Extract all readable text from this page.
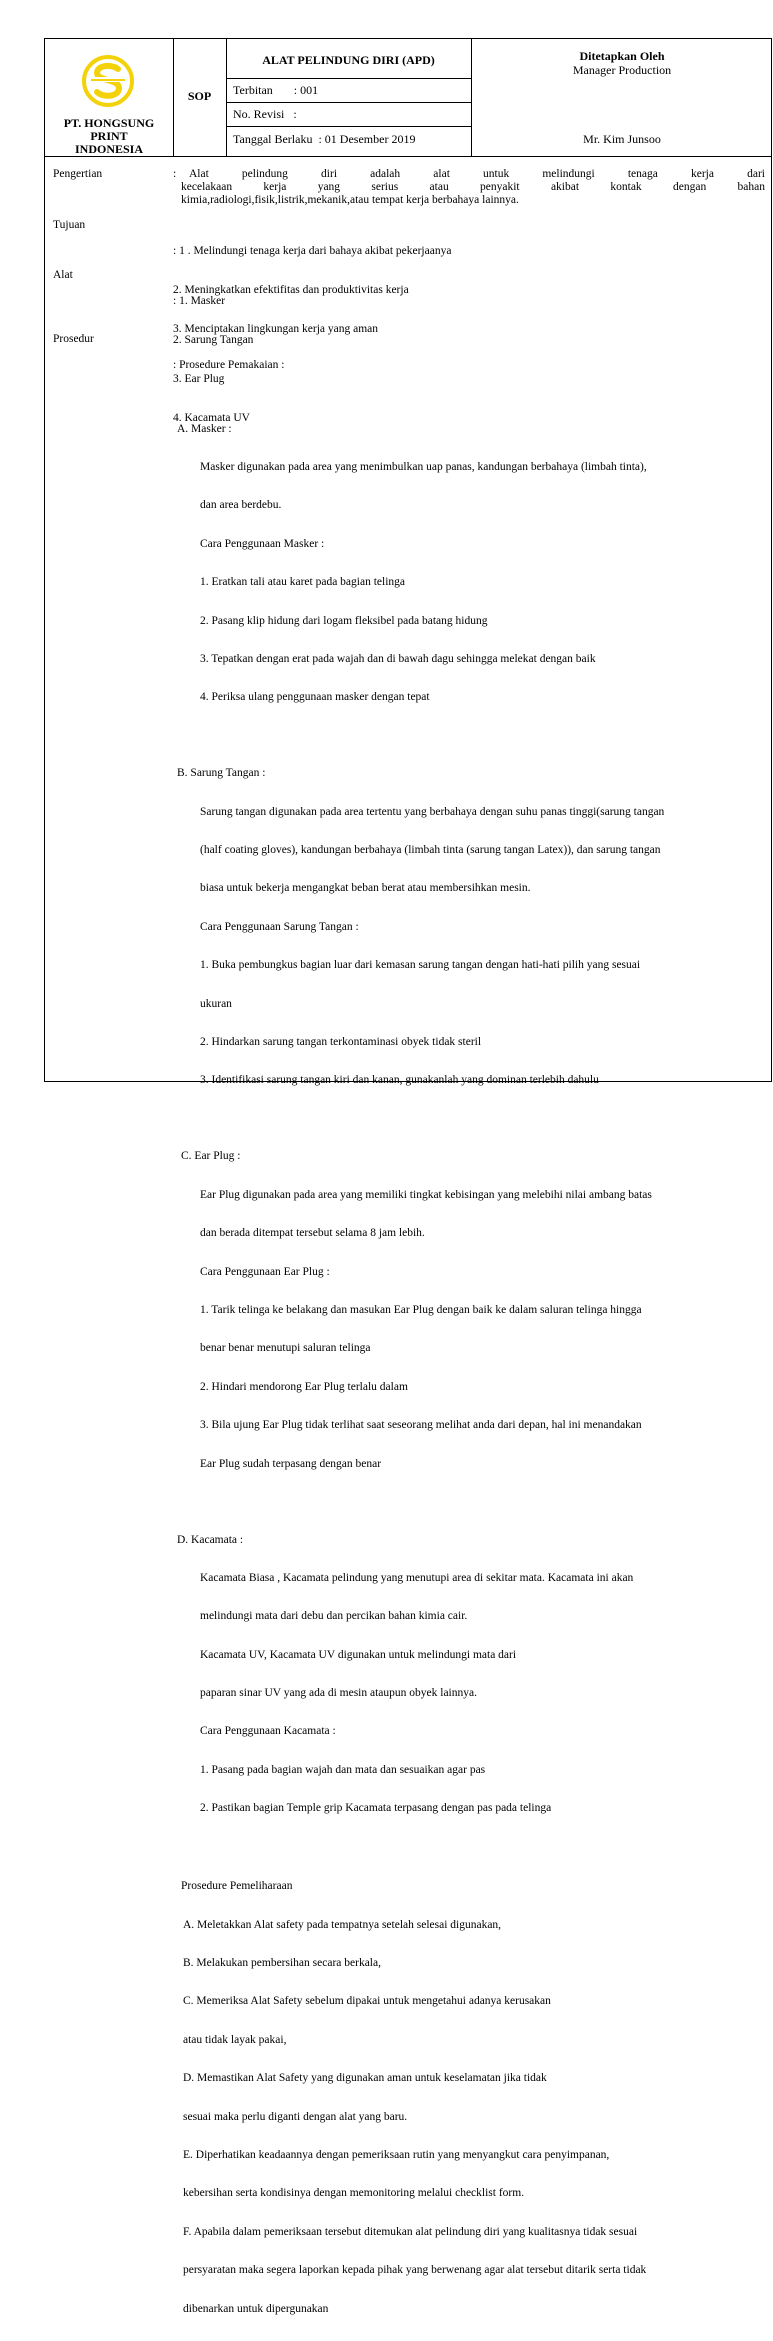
PT. HONGSUNG
PRINT
INDONESIA
SOP
ALAT PELINDUNG DIRI (APD)
Terbitan       : 001
No. Revisi   :
Tanggal Berlaku  : 01 Desember 2019
Ditetapkan Oleh
Manager Production
Mr. Kim Junsoo
Pengertian	: Alat pelindung diri adalah alat untuk melindungi tenaga kerja dari
kecelakaan kerja yang serius atau penyakit akibat kontak dengan bahan
kimia,radiologi,fisik,listrik,mekanik,atau tempat kerja berbahaya lainnya.
Tujuan

: 1 . Melindungi tenaga kerja dari bahaya akibat pekerjaanya

2. Meningkatkan efektifitas dan produktivitas kerja

3. Menciptakan lingkungan kerja yang aman

Alat

: 1. Masker

2. Sarung Tangan

3. Ear Plug

4. Kacamata UV

Prosedur

: Prosedure Pemakaian :

A. Masker :

Masker digunakan pada area yang menimbulkan uap panas, kandungan berbahaya (limbah tinta),

dan area berdebu.

Cara Penggunaan Masker :

1. Eratkan tali atau karet pada bagian telinga

2. Pasang klip hidung dari logam fleksibel pada batang hidung

3. Tepatkan dengan erat pada wajah dan di bawah dagu sehingga melekat dengan baik

4. Periksa ulang penggunaan masker dengan tepat

B. Sarung Tangan :

Sarung tangan digunakan pada area tertentu yang berbahaya dengan suhu panas tinggi(sarung tangan

(half coating gloves), kandungan berbahaya (limbah tinta (sarung tangan Latex)), dan sarung tangan

biasa untuk bekerja mengangkat beban berat atau membersihkan mesin.

Cara Penggunaan Sarung Tangan :

1. Buka pembungkus bagian luar dari kemasan sarung tangan dengan hati-hati pilih yang sesuai

ukuran

2. Hindarkan sarung tangan terkontaminasi obyek tidak steril

3. Identifikasi sarung tangan kiri dan kanan, gunakanlah yang dominan terlebih dahulu

C. Ear Plug :

Ear Plug digunakan pada area yang memiliki tingkat kebisingan yang melebihi nilai ambang batas

dan berada ditempat tersebut selama 8 jam lebih.

Cara Penggunaan Ear Plug :

1. Tarik telinga ke belakang dan masukan Ear Plug dengan baik ke dalam saluran telinga hingga

benar benar menutupi saluran telinga

2. Hindari mendorong Ear Plug terlalu dalam

3. Bila ujung Ear Plug tidak terlihat saat seseorang melihat anda dari depan, hal ini menandakan

Ear Plug sudah terpasang dengan benar

D. Kacamata :

Kacamata Biasa , Kacamata pelindung yang menutupi area di sekitar mata. Kacamata ini akan

melindungi mata dari debu dan percikan bahan kimia cair.

Kacamata UV, Kacamata UV digunakan untuk melindungi mata dari

paparan sinar UV yang ada di mesin ataupun obyek lainnya.

Cara Penggunaan Kacamata :

1. Pasang pada bagian wajah dan mata dan sesuaikan agar pas

2. Pastikan bagian Temple grip Kacamata terpasang dengan pas pada telinga

Prosedure Pemeliharaan

A. Meletakkan Alat safety pada tempatnya setelah selesai digunakan,

B. Melakukan pembersihan secara berkala,

C. Memeriksa Alat Safety sebelum dipakai untuk mengetahui adanya kerusakan

atau tidak layak pakai,

D. Memastikan Alat Safety yang digunakan aman untuk keselamatan jika tidak

sesuai maka perlu diganti dengan alat yang baru.

E. Diperhatikan keadaannya dengan pemeriksaan rutin yang menyangkut cara penyimpanan,

kebersihan serta kondisinya dengan memonitoring melalui checklist form.

F. Apabila dalam pemeriksaan tersebut ditemukan alat pelindung diri yang kualitasnya tidak sesuai

persyaratan maka segera laporkan kepada pihak yang berwenang agar alat tersebut ditarik serta tidak

dibenarkan untuk dipergunakan
